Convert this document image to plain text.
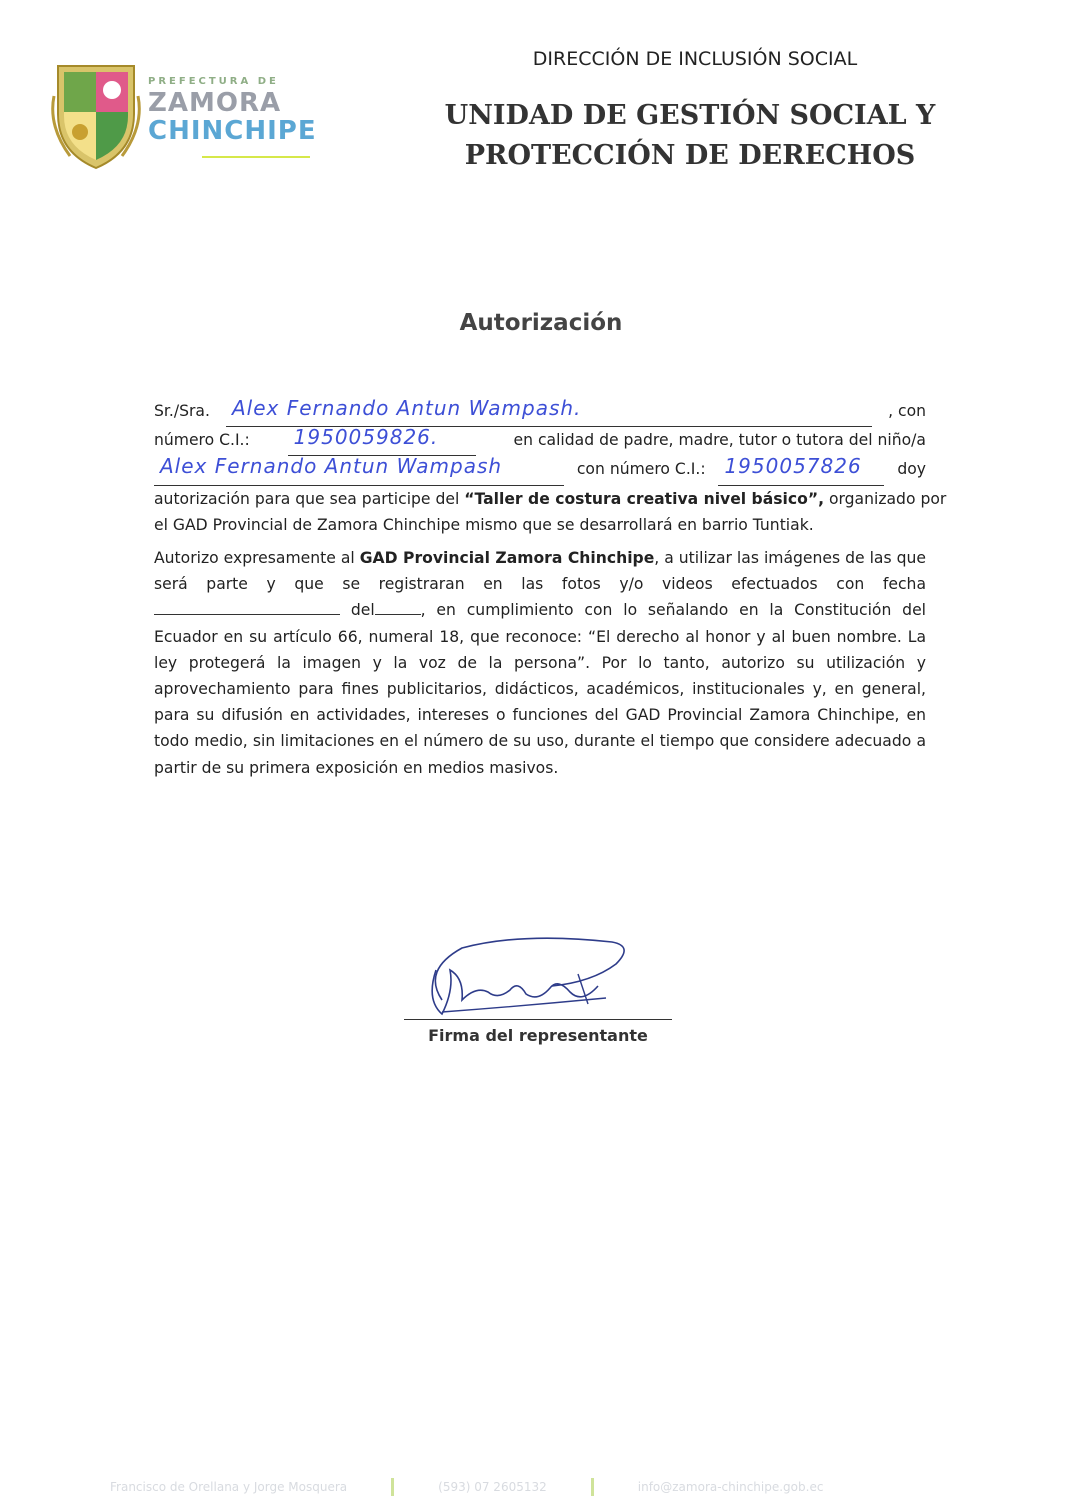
PREFECTURA DE
ZAMORA
CHINCHIPE
DIRECCIÓN DE INCLUSIÓN SOCIAL
UNIDAD DE GESTIÓN SOCIAL Y
PROTECCIÓN DE DERECHOS
Autorización
Sr./Sra.	Alex Fernando Antun Wampash.	, con
número C.I.:	1950059826.	en calidad de padre, madre, tutor o tutora del niño/a
Alex Fernando Antun Wampash	con número C.I.: 1950057826	doy
autorización para que sea participe del “Taller de costura creativa nivel básico”, organizado por
el GAD Provincial de Zamora Chinchipe mismo que se desarrollará en barrio Tuntiak.
Autorizo expresamente al GAD Provincial Zamora Chinchipe, a utilizar las imágenes de las que será parte y que se registraran en las fotos y/o videos efectuados con fecha  del	, en cumplimiento con lo señalando en la Constitución del Ecuador en su artículo 66, numeral 18, que reconoce: “El derecho al honor y al buen nombre. La ley protegerá la imagen y la voz de la persona”. Por lo tanto, autorizo su utilización y aprovechamiento para fines publicitarios, didácticos, académicos, institucionales y, en general, para su difusión en actividades, intereses o funciones del GAD Provincial Zamora Chinchipe, en todo medio, sin limitaciones en el número de su uso, durante el tiempo que considere adecuado a partir de su primera exposición en medios masivos.
Firma del representante
Francisco de Orellana y Jorge Mosquera	(593) 07 2605132	info@zamora-chinchipe.gob.ec
